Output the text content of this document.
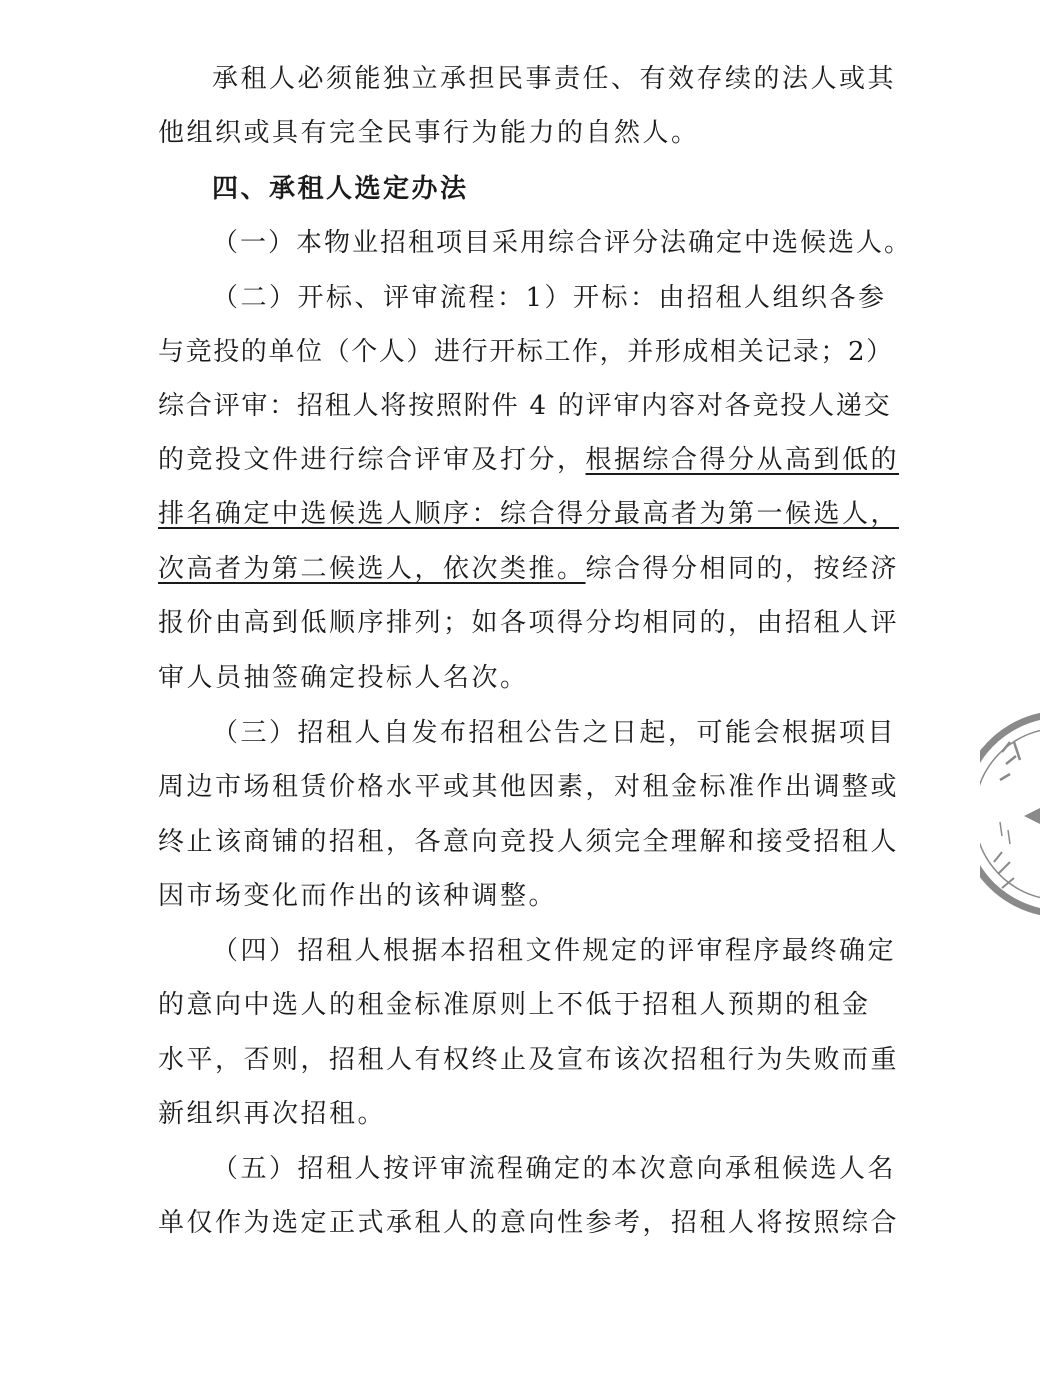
承租人必须能独立承担民事责任、有效存续的法人或其
他组织或具有完全民事行为能力的自然人。
四、承租人选定办法
（一）本物业招租项目采用综合评分法确定中选候选人。
（二）开标、评审流程：1）开标：由招租人组织各参
与竞投的单位（个人）进行开标工作，并形成相关记录；2）
综合评审：招租人将按照附件 4 的评审内容对各竞投人递交
的竞投文件进行综合评审及打分，根据综合得分从高到低的
排名确定中选候选人顺序：综合得分最高者为第一候选人，
次高者为第二候选人，依次类推。综合得分相同的，按经济
报价由高到低顺序排列；如各项得分均相同的，由招租人评
审人员抽签确定投标人名次。
（三）招租人自发布招租公告之日起，可能会根据项目
周边市场租赁价格水平或其他因素，对租金标准作出调整或
终止该商铺的招租，各意向竞投人须完全理解和接受招租人
因市场变化而作出的该种调整。
（四）招租人根据本招租文件规定的评审程序最终确定
的意向中选人的租金标准原则上不低于招租人预期的租金
水平，否则，招租人有权终止及宣布该次招租行为失败而重
新组织再次招租。
（五）招租人按评审流程确定的本次意向承租候选人名
单仅作为选定正式承租人的意向性参考，招租人将按照综合
